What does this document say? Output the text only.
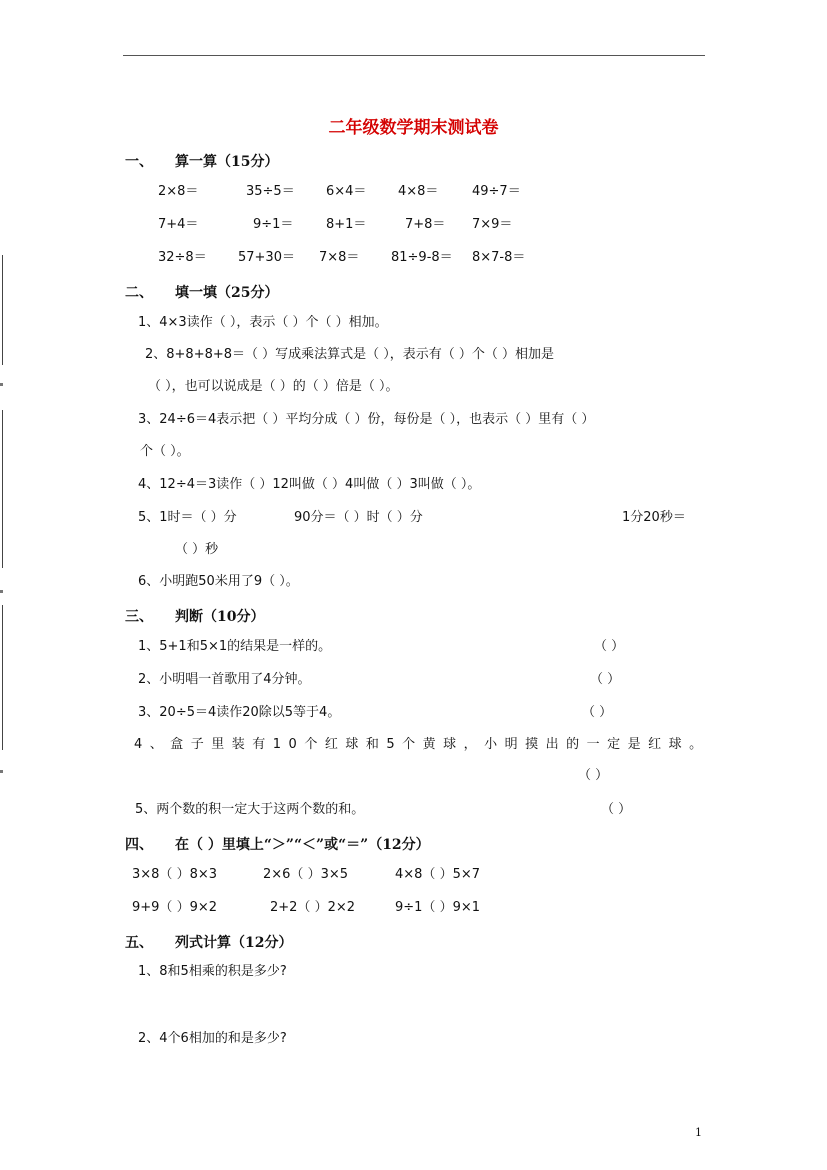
二年级数学期末测试卷
一、 算一算（15分）
2×8＝	35÷5＝ 6×4＝ 4×8＝	49÷7＝
7+4＝	9÷1＝	8+1＝	7+8＝ 7×9＝
32÷8＝ 57+30＝ 7×8＝ 81÷9-8＝ 8×7-8＝
二、 填一填（25分）
1、4×3读作（ ），表示（ ）个（ ）相加。
2、8+8+8+8＝（ ）写成乘法算式是（ ），表示有（ ）个（ ）相加是
（ ），也可以说成是（ ）的（ ）倍是（ ）。
3、24÷6＝4表示把（ ）平均分成（ ）份，每份是（ ），也表示（ ）里有（ ）
个（ ）。
4、12÷4＝3读作（ ）12叫做（ ）4叫做（ ）3叫做（ ）。
5、1时＝（ ）分	90分＝（ ）时（ ）分	1分20秒＝
（ ）秒
6、小明跑50米用了9（ ）。
三、 判断（10分）
1、5+1和5×1的结果是一样的。	（ ）
2、小明唱一首歌用了4分钟。	（ ）
3、20÷5＝4读作20除以5等于4。	（ ）
4、盒子里装有10个红球和5个黄球，小明摸出的一定是红球。
（ ）
5、两个数的积一定大于这两个数的和。	（ ）
四、 在（ ）里填上“＞”“＜”或“＝”（12分）
3×8（ ）8×3	2×6（ ）3×5	4×8（ ）5×7
9+9（ ）9×2	2+2（ ）2×2	9÷1（ ）9×1
五、 列式计算（12分）
1、8和5相乘的积是多少?
2、4个6相加的和是多少?
1
